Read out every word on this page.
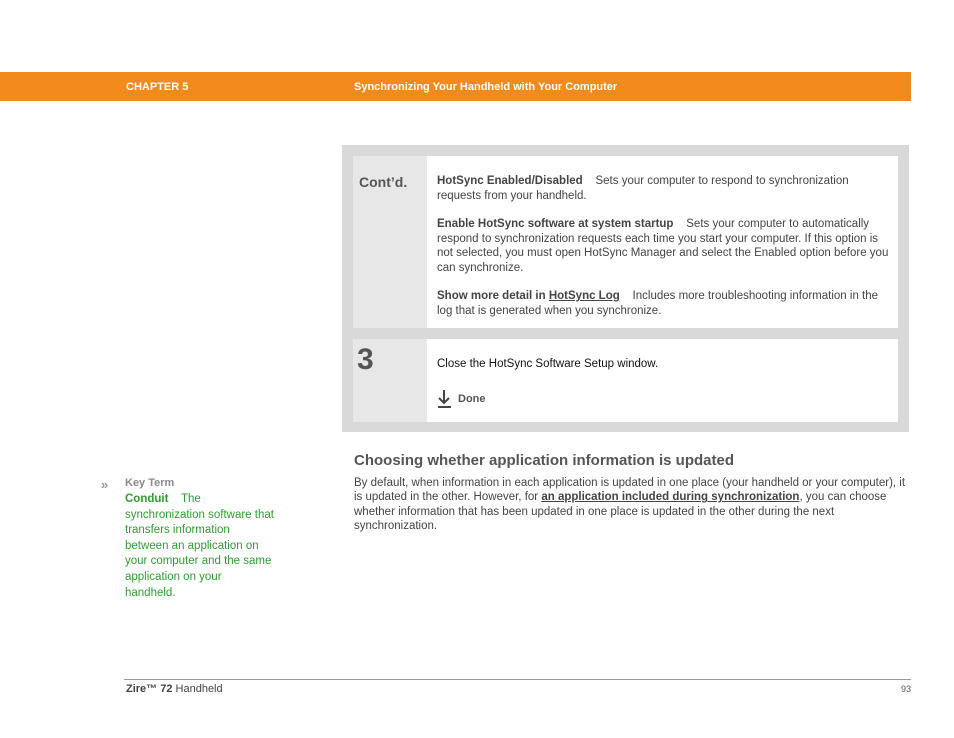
CHAPTER 5	Synchronizing Your Handheld with Your Computer
Cont’d.	HotSync Enabled/Disabled Sets your computer to respond to synchronization requests from your handheld.
Enable HotSync software at system startup Sets your computer to automatically respond to synchronization requests each time you start your computer. If this option is not selected, you must open HotSync Manager and select the Enabled option before you can synchronize.
Show more detail in HotSync Log Includes more troubleshooting information in the log that is generated when you synchronize.
3	Close the HotSync Software Setup window.
Done
Choosing whether application information is updated
By default, when information in each application is updated in one place (your handheld or your computer), it is updated in the other. However, for an application included during synchronization, you can choose whether information that has been updated in one place is updated in the other during the next synchronization.
» Key Term
Conduit The synchronization software that transfers information between an application on your computer and the same application on your handheld.
Zire™ 72 Handheld	93
